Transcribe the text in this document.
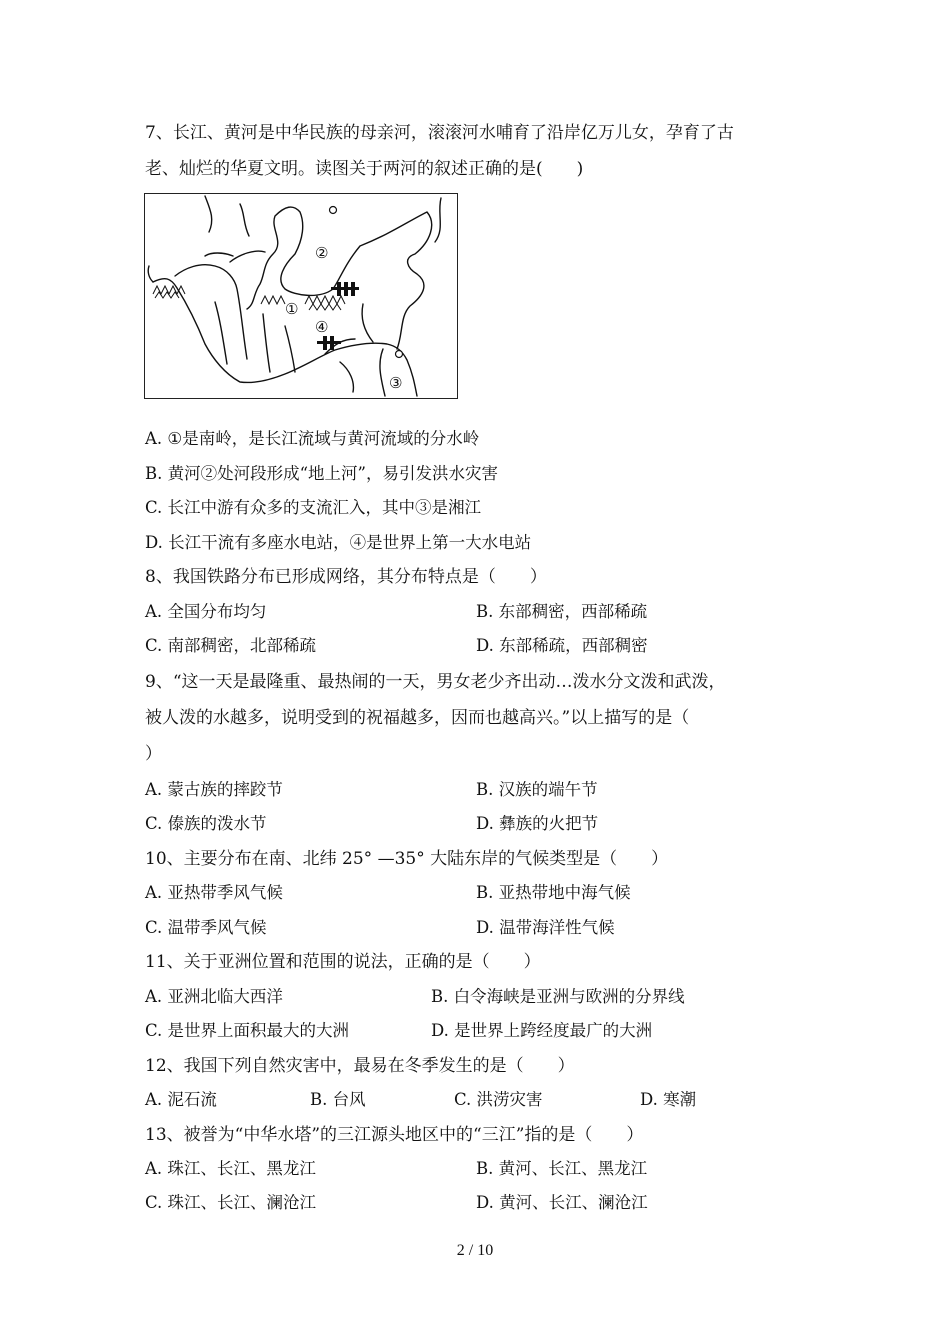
7、长江、黄河是中华民族的母亲河，滚滚河水哺育了沿岸亿万儿女，孕育了古
老、灿烂的华夏文明。读图关于两河的叙述正确的是(　　)
①
②
③
④
A. ①是南岭，是长江流域与黄河流域的分水岭
B. 黄河②处河段形成“地上河”，易引发洪水灾害
C. 长江中游有众多的支流汇入，其中③是湘江
D. 长江干流有多座水电站，④是世界上第一大水电站
8、我国铁路分布已形成网络，其分布特点是（　　）
A. 全国分布均匀	B. 东部稠密，西部稀疏
C. 南部稠密，北部稀疏	D. 东部稀疏，西部稠密
9、“这一天是最隆重、最热闹的一天，男女老少齐出动…泼水分文泼和武泼，
被人泼的水越多，说明受到的祝福越多，因而也越高兴。”以上描写的是（
）
A. 蒙古族的摔跤节	B. 汉族的端午节
C. 傣族的泼水节	D. 彝族的火把节
10、主要分布在南、北纬 25° —35° 大陆东岸的气候类型是（　　）
A. 亚热带季风气候	B. 亚热带地中海气候
C. 温带季风气候	D. 温带海洋性气候
11、关于亚洲位置和范围的说法，正确的是（　　）
A. 亚洲北临大西洋	B. 白令海峡是亚洲与欧洲的分界线
C. 是世界上面积最大的大洲	D. 是世界上跨经度最广的大洲
12、我国下列自然灾害中，最易在冬季发生的是（　　）
A. 泥石流	B. 台风	C. 洪涝灾害	D. 寒潮
13、被誉为“中华水塔”的三江源头地区中的“三江”指的是（　　）
A. 珠江、长江、黑龙江	B. 黄河、长江、黑龙江
C. 珠江、长江、澜沧江	D. 黄河、长江、澜沧江
2 / 10
